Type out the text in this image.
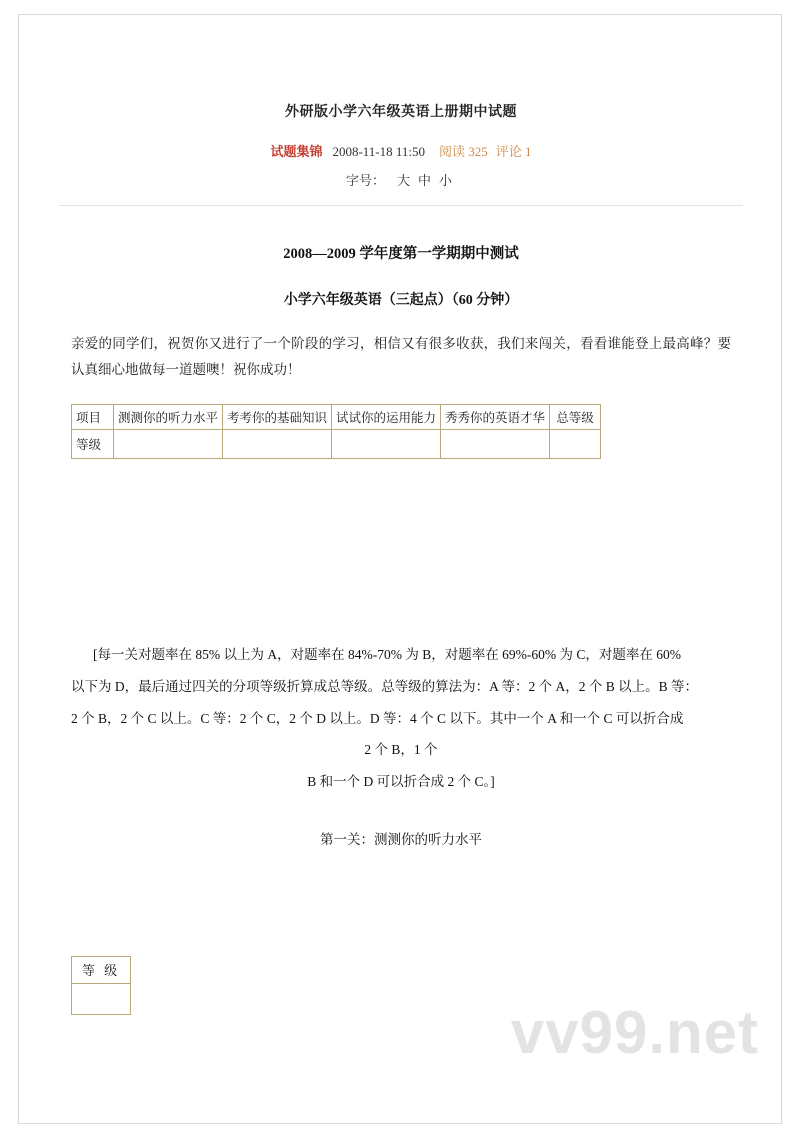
外研版小学六年级英语上册期中试题
试题集锦 2008-11-18 11:50 阅读 325 评论 1
字号： 大 中 小
2008—2009 学年度第一学期期中测试
小学六年级英语（三起点）（60 分钟）
亲爱的同学们，祝贺你又进行了一个阶段的学习，相信又有很多收获，我们来闯关，看看谁能登上最高峰？要认真细心地做每一道题噢！祝你成功！
项目	测测你的听力水平	考考你的基础知识	试试你的运用能力	秀秀你的英语才华	总等级
等级					

[每一关对题率在 85% 以上为 A，对题率在 84%-70% 为 B，对题率在 69%-60% 为 C，对题率在 60%

以下为 D，最后通过四关的分项等级折算成总等级。总等级的算法为：A 等：2 个 A，2 个 B 以上。B 等：

2 个 B，2 个 C 以上。C 等：2 个 C，2 个 D 以上。D 等：4 个 C 以下。其中一个 A 和一个 C 可以折合成

2 个 B，1 个

B 和一个 D 可以折合成 2 个 C。]

第一关：测测你的听力水平
等 级

vv99.net
